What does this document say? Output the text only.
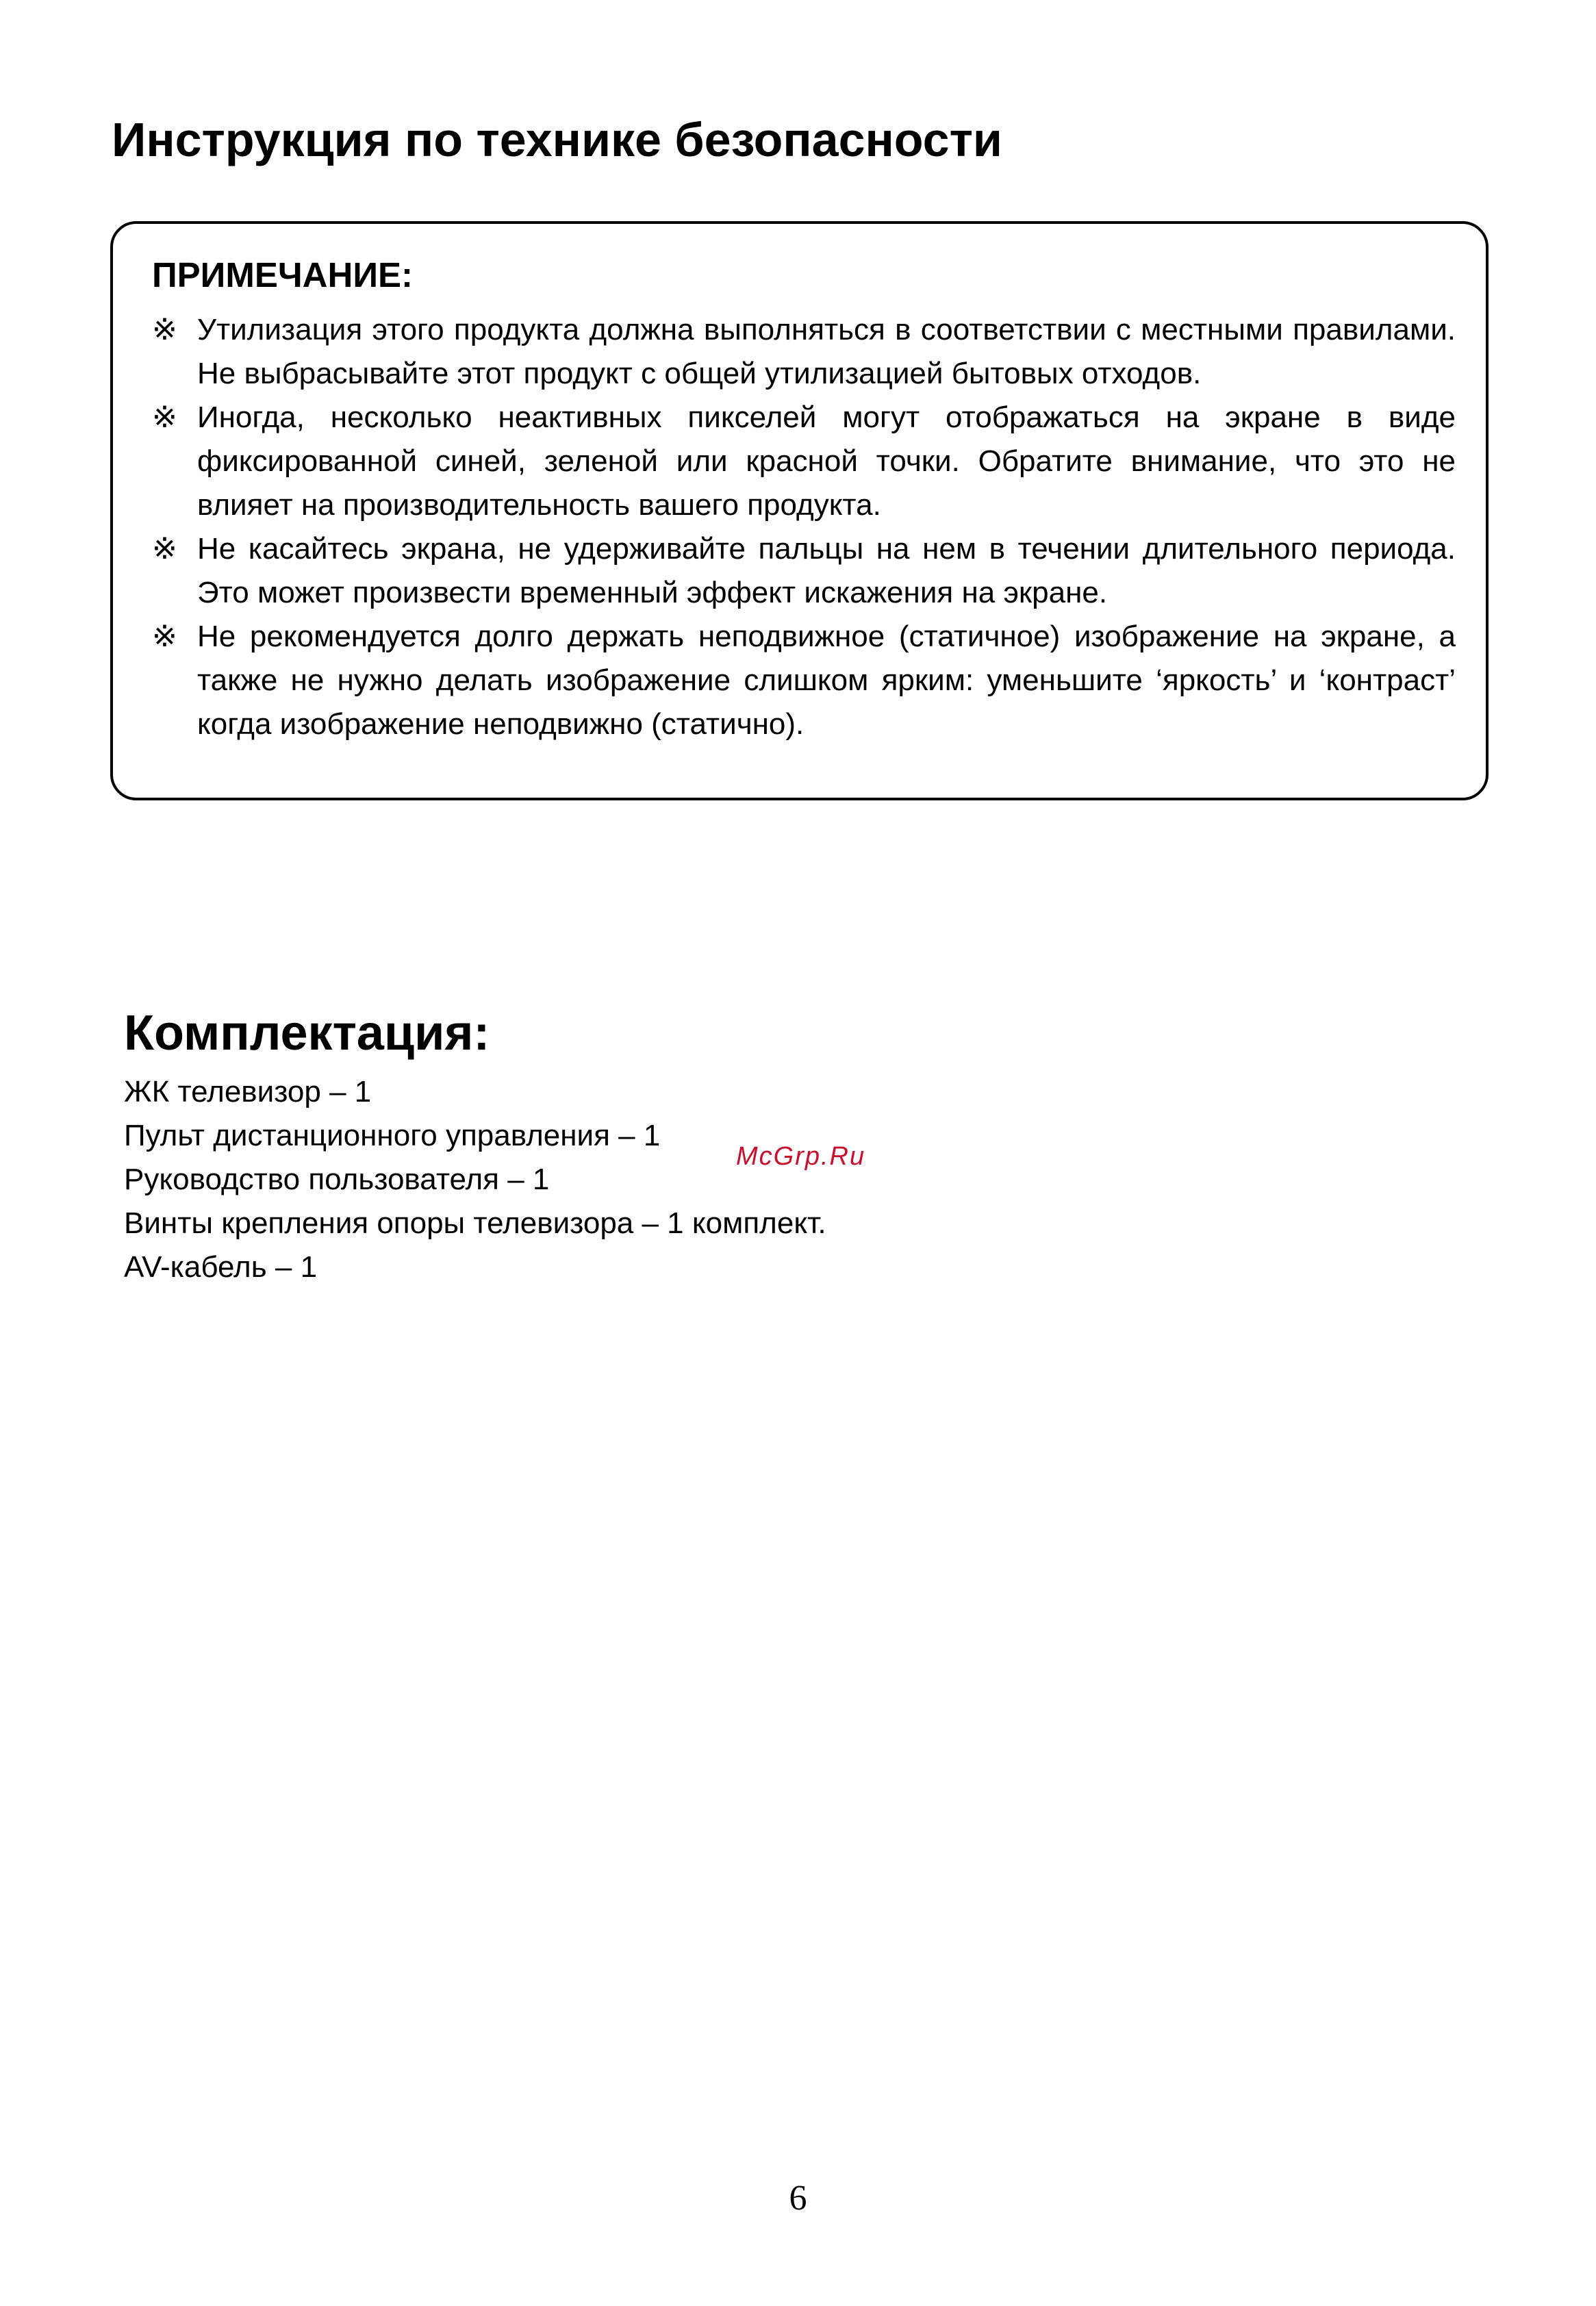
Инструкция по технике безопасности
ПРИМЕЧАНИЕ:
※ Утилизация этого продукта должна выполняться в соответствии с местными правилами. Не выбрасывайте этот продукт с общей утилизацией бытовых отходов.
※ Иногда, несколько неактивных пикселей могут отображаться на экране в виде фиксированной синей, зеленой или красной точки. Обратите внимание, что это не влияет на производительность вашего продукта.
※ Не касайтесь экрана, не удерживайте пальцы на нем в течении длительного периода. Это может произвести временный эффект искажения на экране.
※ Не рекомендуется долго держать неподвижное (статичное) изображение на экране, а также не нужно делать изображение слишком ярким: уменьшите ‘яркость’ и ‘контраст’ когда изображение неподвижно (статично).
Комплектация:
ЖК телевизор – 1
Пульт дистанционного управления – 1
Руководство пользователя – 1
Винты крепления опоры телевизора – 1 комплект.
AV-кабель – 1
McGrp.Ru
6
